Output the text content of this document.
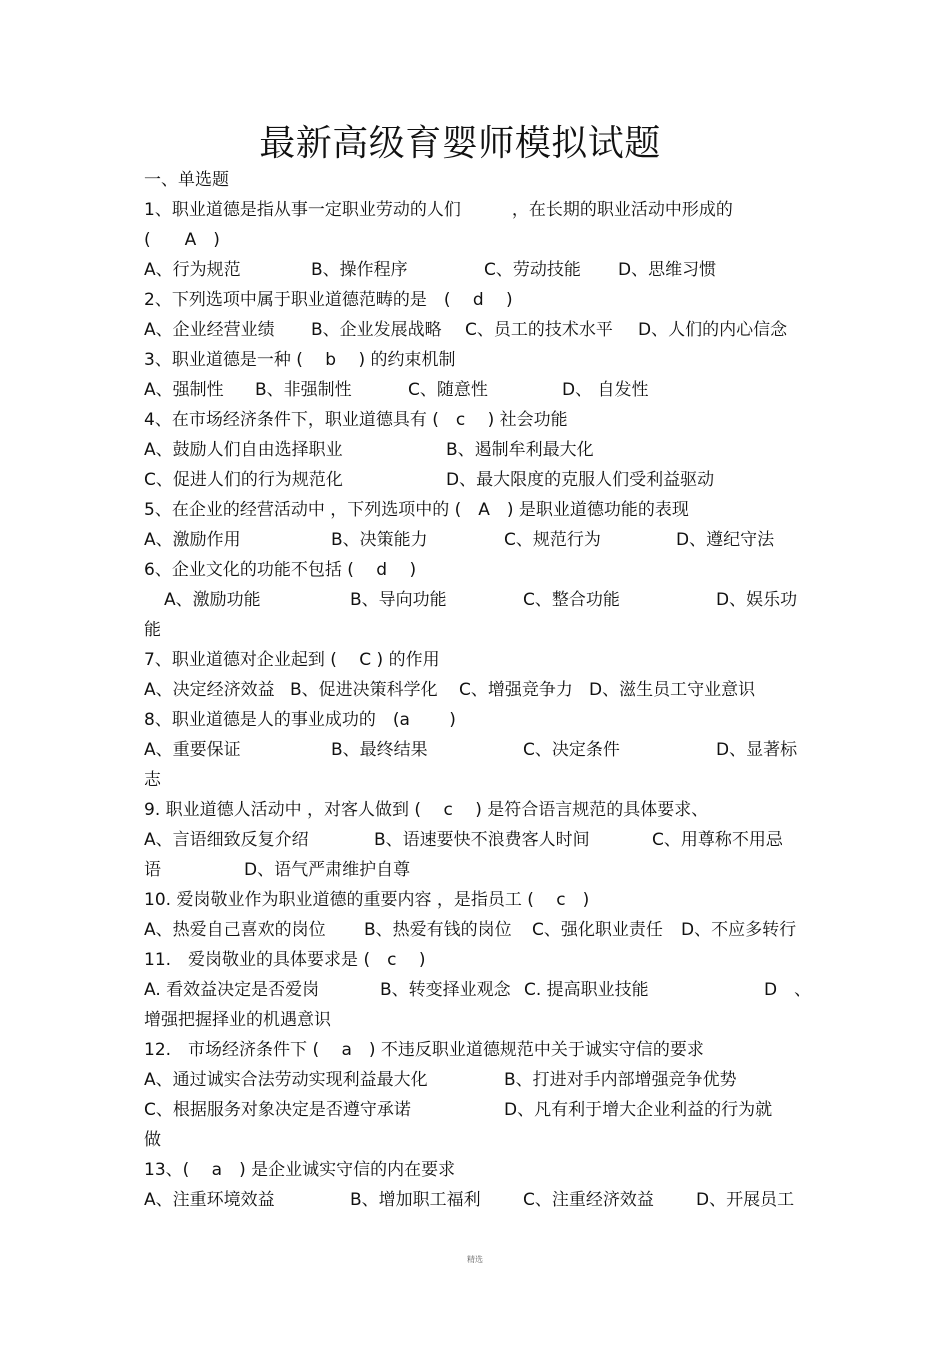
最新高级育婴师模拟试题
一、单选题
1、职业道德是指从事一定职业劳动的人们　　　，在长期的职业活动中形成的
(　　A　)
A、行为规范	B、操作程序	C、劳动技能 D、思维习惯
2、下列选项中属于职业道德范畴的是　(　 d　 )
A、企业经营业绩 B、企业发展战略 C、员工的技术水平 D、人们的内心信念
3、职业道德是一种 (　 b　 ) 的约束机制
A、强制性 B、非强制性	C、随意性	D、 自发性
4、在市场经济条件下，职业道德具有 (　c　 ) 社会功能
A、鼓励人们自由选择职业	B、遏制牟利最大化
C、促进人们的行为规范化	D、最大限度的克服人们受利益驱动
5、在企业的经营活动中 ，下列选项中的 (　A　) 是职业道德功能的表现
A、激励作用	B、决策能力	C、规范行为	D、遵纪守法
6、企业文化的功能不包括 (　 d　 )
A、激励功能	B、导向功能	C、整合功能	D、娱乐功
能
7、职业道德对企业起到 (　 C ) 的作用
A、决定经济效益 B、促进决策科学化 C、增强竞争力 D、滋生员工守业意识
8、职业道德是人的事业成功的　(a　　 )
A、重要保证	B、最终结果	C、决定条件	D、显著标
志
9. 职业道德人活动中 ，对客人做到 (　 c　 ) 是符合语言规范的具体要求、
A、言语细致反复介绍	B、语速要快不浪费客人时间	C、用尊称不用忌
语	D、语气严肃维护自尊
10. 爱岗敬业作为职业道德的重要内容 ，是指员工 (　 c　)
A、热爱自己喜欢的岗位 B、热爱有钱的岗位 C、强化职业责任 D、不应多转行
11.　爱岗敬业的具体要求是 (　c　 )
A. 看效益决定是否爱岗	B、转变择业观念 C. 提高职业技能	D　、
增强把握择业的机遇意识
12.　市场经济条件下 (　 a　) 不违反职业道德规范中关于诚实守信的要求
A、通过诚实合法劳动实现利益最大化	B、打进对手内部增强竞争优势
C、根据服务对象决定是否遵守承诺	D、凡有利于增大企业利益的行为就
做
13、(　 a　) 是企业诚实守信的内在要求
A、注重环境效益	B、增加职工福利 C、注重经济效益 D、开展员工
精选
